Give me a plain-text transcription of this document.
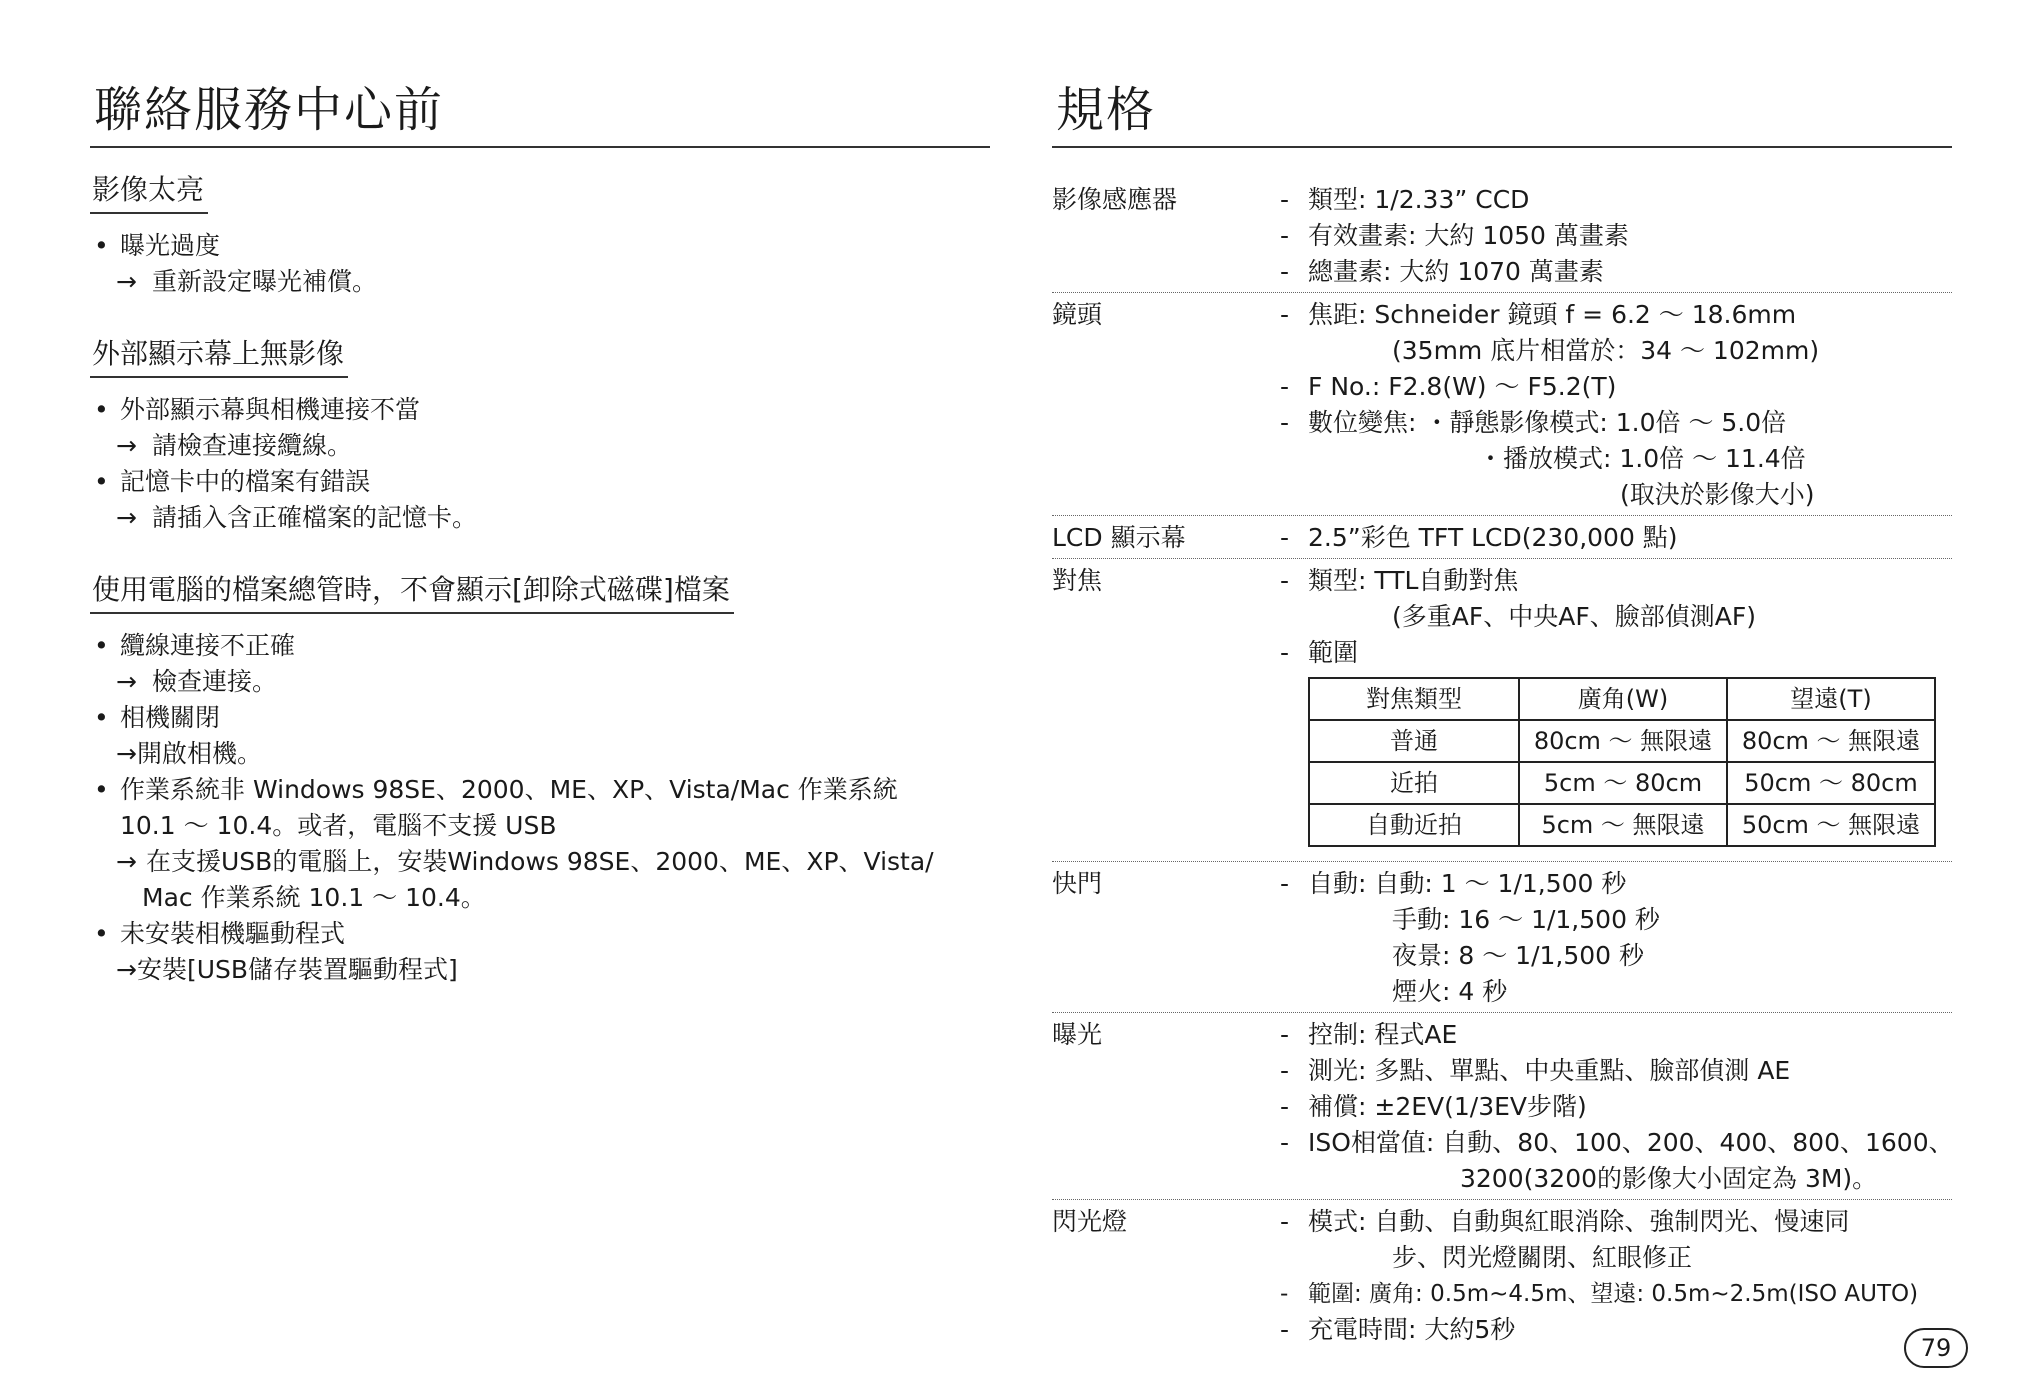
聯絡服務中心前
影像太亮
• 曝光過度
→ 重新設定曝光補償。
外部顯示幕上無影像
• 外部顯示幕與相機連接不當
→ 請檢查連接纜線。
• 記憶卡中的檔案有錯誤
→ 請插入含正確檔案的記憶卡。
使用電腦的檔案總管時，不會顯示[卸除式磁碟]檔案
• 纜線連接不正確
→ 檢查連接。
• 相機關閉
→開啟相機。
• 作業系統非 Windows 98SE、2000、ME、XP、Vista/Mac 作業系統
10.1 ～ 10.4。或者，電腦不支援 USB
→ 在支援USB的電腦上，安裝Windows 98SE、2000、ME、XP、Vista/
Mac 作業系統 10.1 ～ 10.4。
• 未安裝相機驅動程式
→安裝[USB儲存裝置驅動程式]
規格
影像感應器	- 類型: 1/2.33” CCD
- 有效畫素: 大約 1050 萬畫素
- 總畫素: 大約 1070 萬畫素
鏡頭	- 焦距: Schneider 鏡頭 f = 6.2 ～ 18.6mm
(35mm 底片相當於：34 ～ 102mm)
- F No.: F2.8(W) ～ F5.2(T)
- 數位變焦: ・靜態影像模式: 1.0倍 ～ 5.0倍
・播放模式: 1.0倍 ～ 11.4倍
(取決於影像大小)
LCD 顯示幕	- 2.5”彩色 TFT LCD(230,000 點)
對焦	- 類型: TTL自動對焦
(多重AF、中央AF、臉部偵測AF)
- 範圍
對焦類型	廣角(W)	望遠(T)
普通	80cm ～ 無限遠	80cm ～ 無限遠
近拍	5cm ～ 80cm	50cm ～ 80cm
自動近拍	5cm ～ 無限遠	50cm ～ 無限遠
快門	- 自動: 自動: 1 ～ 1/1,500 秒
手動: 16 ～ 1/1,500 秒
夜景: 8 ～ 1/1,500 秒
煙火: 4 秒
曝光	- 控制: 程式AE
- 測光: 多點、單點、中央重點、臉部偵測 AE
- 補償: ±2EV(1/3EV步階)
- ISO相當值: 自動、80、100、200、400、800、1600、
3200(3200的影像大小固定為 3M)。
閃光燈	- 模式: 自動、自動與紅眼消除、強制閃光、慢速同
步、閃光燈關閉、紅眼修正
- 範圍: 廣角: 0.5m~4.5m、望遠: 0.5m~2.5m(ISO AUTO)
- 充電時間: 大約5秒
79
